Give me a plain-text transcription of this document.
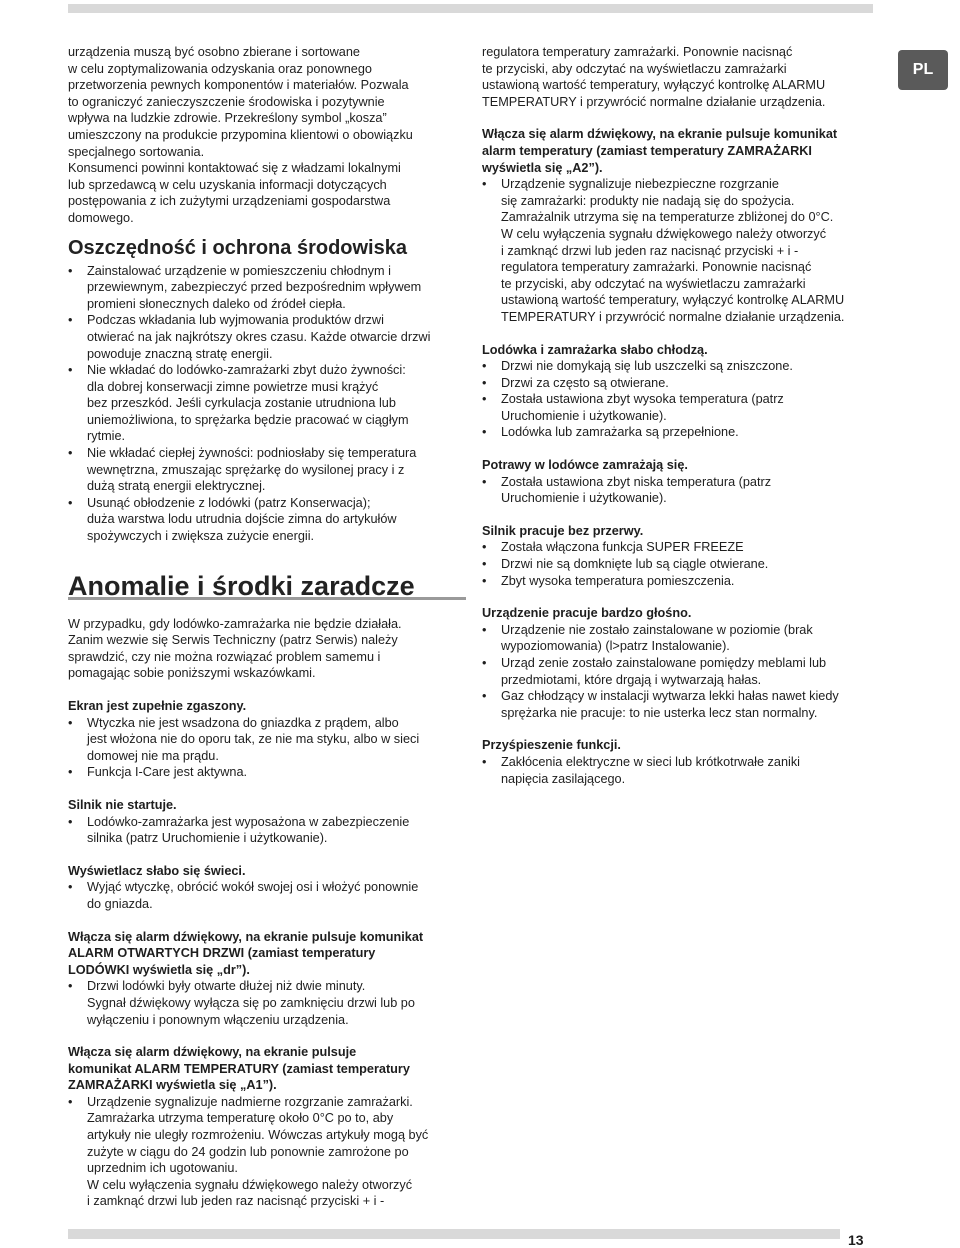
PL

urządzenia muszą być osobno zbierane i sortowane

w celu zoptymalizowania odzyskania oraz ponownego

przetworzenia pewnych komponentów i materiałów. Pozwala

to ograniczyć zanieczyszczenie środowiska i pozytywnie

wpływa na ludzkie zdrowie. Przekreślony symbol „kosza”

umieszczony na produkcie przypomina klientowi o obowiązku

specjalnego sortowania.

Konsumenci powinni kontaktować się z władzami lokalnymi

lub sprzedawcą w celu uzyskania informacji dotyczących

postępowania z ich zużytymi urządzeniami gospodarstwa

domowego.

Oszczędność i ochrona środowiska
• Zainstalować urządzenie w pomieszczeniu chłodnym i

przewiewnym, zabezpieczyć przed bezpośrednim wpływem

promieni słonecznych daleko od źródeł ciepła.

• Podczas wkładania lub wyjmowania produktów drzwi

otwierać na jak najkrótszy okres czasu. Każde otwarcie drzwi

powoduje znaczną stratę energii.

• Nie wkładać do lodówko-zamrażarki zbyt dużo żywności:

dla dobrej konserwacji zimne powietrze musi krążyć

bez przeszkód. Jeśli cyrkulacja zostanie utrudniona lub

uniemożliwiona, to sprężarka będzie pracować w ciągłym

rytmie.

• Nie wkładać ciepłej żywności: podniosłaby się temperatura

wewnętrzna, zmuszając sprężarkę do wysilonej pracy i z

dużą stratą energii elektrycznej.

• Usunąć obłodzenie z lodówki (patrz Konserwacja);

duża warstwa lodu utrudnia dojście zimna do artykułów

spożywczych i zwiększa zużycie energii.

Anomalie i środki zaradcze

W przypadku, gdy lodówko-zamrażarka nie będzie działała.

Zanim wezwie się Serwis Techniczny (patrz Serwis) należy

sprawdzić, czy nie można rozwiązać problem samemu i

pomagając sobie poniższymi wskazówkami.

Ekran jest zupełnie zgaszony.

• Wtyczka nie jest wsadzona do gniazdka z prądem, albo

jest włożona nie do oporu tak, ze nie ma styku, albo w sieci

domowej nie ma prądu.

• Funkcja I-Care jest aktywna.

Silnik nie startuje.

• Lodówko-zamrażarka jest wyposażona w zabezpieczenie

silnika (patrz Uruchomienie i użytkowanie).

Wyświetlacz słabo się świeci.

• Wyjąć wtyczkę, obrócić wokół swojej osi i włożyć ponownie

do gniazda.

Włącza się alarm dźwiękowy, na ekranie pulsuje komunikat

ALARM OTWARTYCH DRZWI (zamiast temperatury

LODÓWKI wyświetla się „dr”).

• Drzwi lodówki były otwarte dłużej niż dwie minuty.

Sygnał dźwiękowy wyłącza się po zamknięciu drzwi lub po

wyłączeniu i ponownym włączeniu urządzenia.

Włącza się alarm dźwiękowy, na ekranie pulsuje

komunikat ALARM TEMPERATURY (zamiast temperatury

ZAMRAŻARKI wyświetla się „A1”).

• Urządzenie sygnalizuje nadmierne rozgrzanie zamrażarki.

Zamrażarka utrzyma temperaturę około 0°C po to, aby

artykuły nie uległy rozmrożeniu. Wówczas artykuły mogą być

zużyte w ciągu do 24 godzin lub ponownie zamrożone po

uprzednim ich ugotowaniu.

W celu wyłączenia sygnału dźwiękowego należy otworzyć

i zamknąć drzwi lub jeden raz nacisnąć przyciski + i -

regulatora temperatury zamrażarki. Ponownie nacisnąć

te przyciski, aby odczytać na wyświetlaczu zamrażarki

ustawioną wartość temperatury, wyłączyć kontrolkę ALARMU

TEMPERATURY i przywrócić normalne działanie urządzenia.

Włącza się alarm dźwiękowy, na ekranie pulsuje komunikat

alarm temperatury (zamiast temperatury ZAMRAŻARKI

wyświetla się „A2”).

• Urządzenie sygnalizuje niebezpieczne rozgrzanie

się zamrażarki: produkty nie nadają się do spożycia.

Zamrażalnik utrzyma się na temperaturze zbliżonej do 0°C.

W celu wyłączenia sygnału dźwiękowego należy otworzyć

i zamknąć drzwi lub jeden raz nacisnąć przyciski + i -

regulatora temperatury zamrażarki. Ponownie nacisnąć

te przyciski, aby odczytać na wyświetlaczu zamrażarki

ustawioną wartość temperatury, wyłączyć kontrolkę ALARMU

TEMPERATURY i przywrócić normalne działanie urządzenia.

Lodówka i zamrażarka słabo chłodzą.

• Drzwi nie domykają się lub uszczelki są zniszczone.

• Drzwi za często są otwierane.

• Została ustawiona zbyt wysoka temperatura (patrz

Uruchomienie i użytkowanie).

• Lodówka lub zamrażarka są przepełnione.

Potrawy w lodówce zamrażają się.

• Została ustawiona zbyt niska temperatura (patrz

Uruchomienie i użytkowanie).

Silnik pracuje bez przerwy.

• Została włączona funkcja SUPER FREEZE

• Drzwi nie są domknięte lub są ciągle otwierane.

• Zbyt wysoka temperatura pomieszczenia.

Urządzenie pracuje bardzo głośno.

• Urządzenie nie zostało zainstalowane w poziomie (brak

wypoziomowania) (l>patrz Instalowanie).

• Urząd zenie zostało zainstalowane pomiędzy meblami lub

przedmiotami, które drgają i wytwarzają hałas.

• Gaz chłodzący w instalacji wytwarza lekki hałas nawet kiedy

sprężarka nie pracuje: to nie usterka lecz stan normalny.

Przyśpieszenie funkcji.

• Zakłócenia elektryczne w sieci lub krótkotrwałe zaniki

napięcia zasilającego.

13
